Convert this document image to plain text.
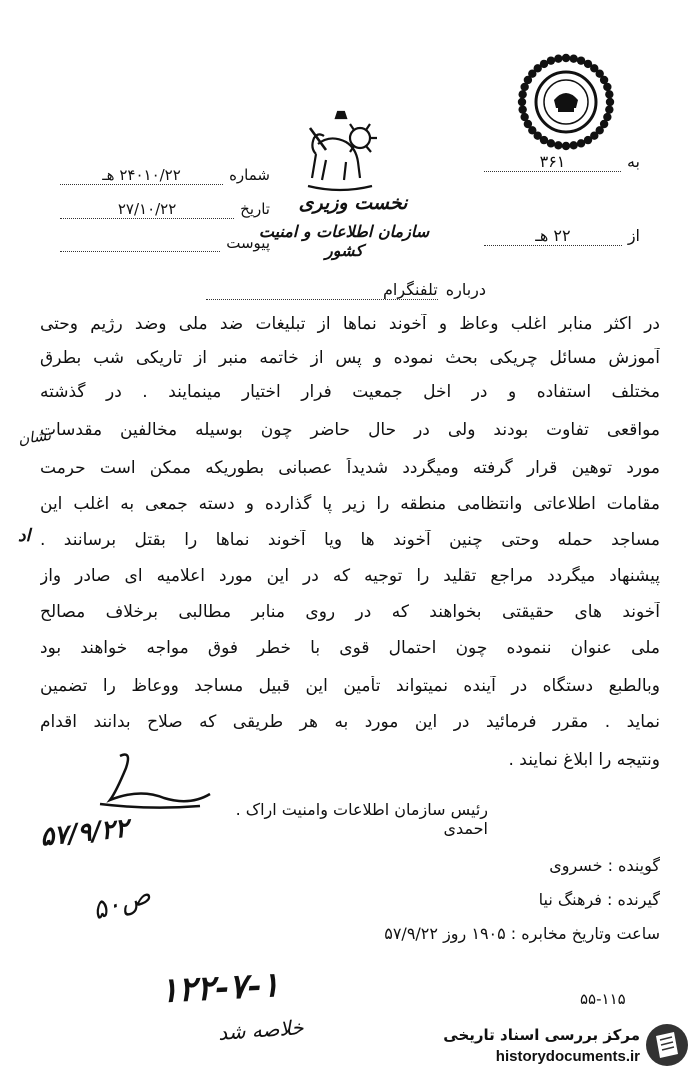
نخست وزیری
سازمان اطلاعات و امنیت کشور
شماره
۲۴۰۱۰/۲۲ هـ
تاریخ
۲۷/۱۰/۲۲
پیوست
به
۳۶۱
از
۲۲ هـ
درباره
تلفنگرام
در اکثر منابر اغلب وعاظ و آخوند نماها از تبلیغات ضد ملی وضد رژیم وحتی
آموزش مسائل چریکی بحث نموده و پس از خاتمه منبر از تاریکی شب بطرق
مختلف استفاده و در اخل جمعیت فرار اختیار مینمایند . در گذشته
مواقعی تفاوت بودند ولی در حال حاضر چون بوسیله مخالفین مقدسات
مورد توهین قرار گرفته ومیگردد شدیداً عصبانی بطوریکه ممکن است حرمت
مقامات اطلاعاتی وانتظامی منطقه را زیر پا گذارده و دسته جمعی به اغلب این
مساجد حمله وحتی چنین آخوند ها ویا آخوند نماها را بقتل برسانند .
پیشنهاد میگردد مراجع تقلید را توجیه که در این مورد اعلامیه ای صادر واز
آخوند های حقیقتی بخواهند که در روی منابر مطالبی برخلاف مصالح
ملی عنوان ننموده چون احتمال قوی با خطر فوق مواجه خواهند بود
وبالطبع دستگاه در آینده نمیتواند تأمین این قبیل مساجد ووعاظ را تضمین
نماید . مقرر فرمائید در این مورد به هر طریقی که صلاح بدانند اقدام
ونتیجه را ابلاغ نمایند .
تشان
اد
رئیس سازمان اطلاعات وامنیت اراک . احمدی
۵۷/۹/۲۲
گوینده : خسروی
گیرنده : فرهنگ نیا
ساعت وتاریخ مخابره : ۱۹۰۵ روز ۵۷/۹/۲۲
۵۰ص
۱۲۲-۷-۱
خلاصه شد
۵۵-۱۱۵
مرکز بررسی اسناد تاریخی
historydocuments.ir
